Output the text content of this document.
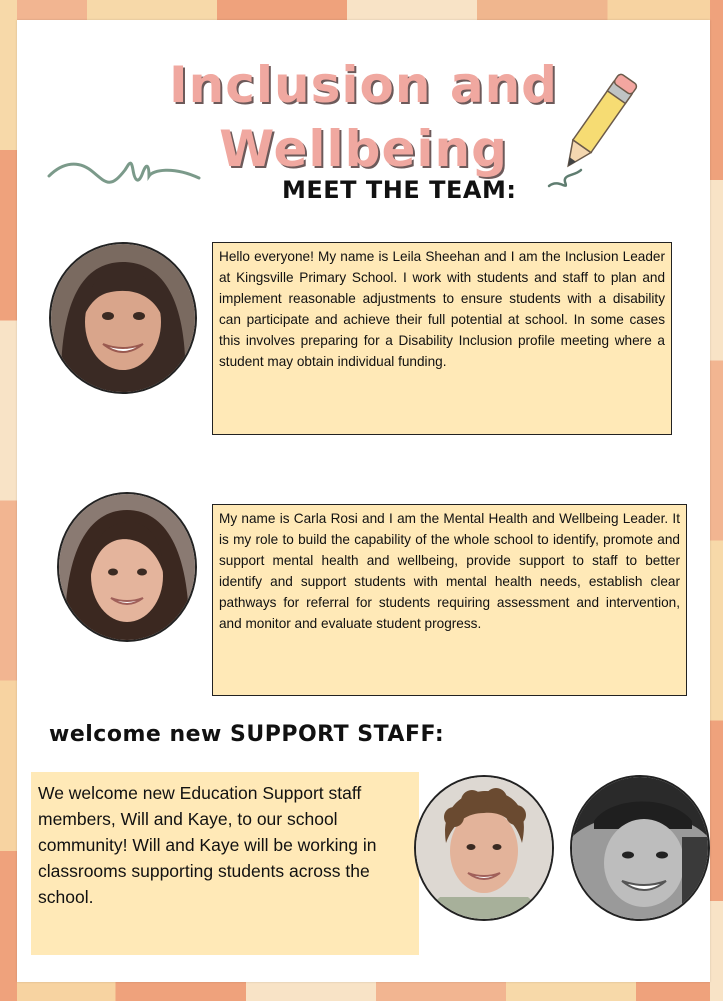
Inclusion and
Wellbeing
MEET THE TEAM:
Hello everyone! My name is Leila Sheehan and I am the Inclusion Leader at Kingsville Primary School. I work with students and staff to plan and implement reasonable adjustments to ensure students with a disability can participate and achieve their full potential at school. In some cases this involves preparing for a Disability Inclusion profile meeting where a student may obtain individual funding.
My name is Carla Rosi and I am the Mental Health and Wellbeing Leader. It is my role to build the capability of the whole school to identify, promote and support mental health and wellbeing, provide support to staff to better identify and support students with mental health needs, establish clear pathways for referral for students requiring assessment and intervention, and monitor and evaluate student progress.
welcome new SUPPORT STAFF:
We welcome new Education Support staff members, Will and Kaye, to our school community! Will and Kaye will be working in classrooms supporting students across the school.
